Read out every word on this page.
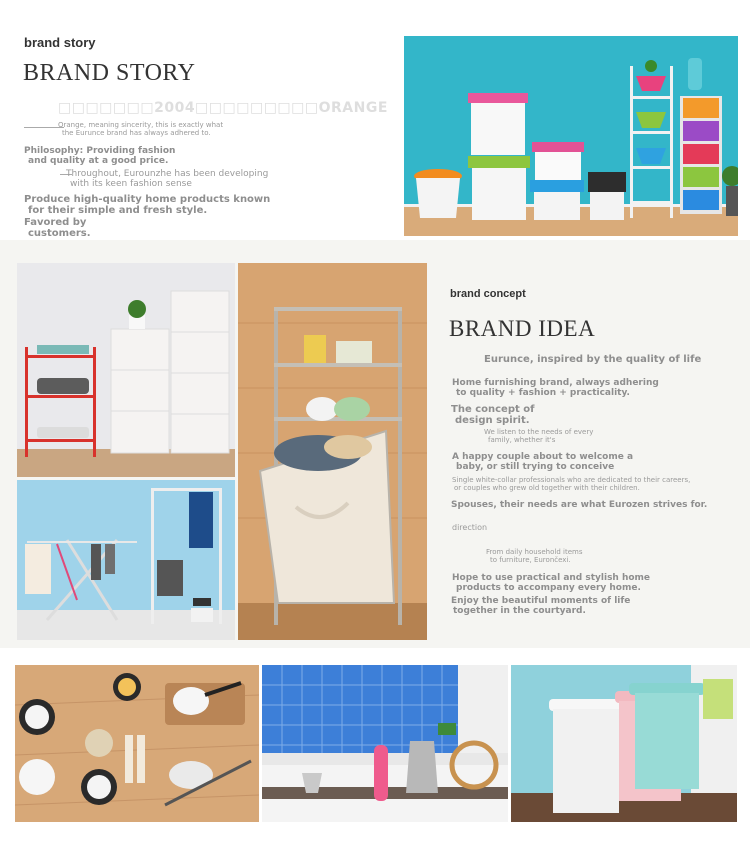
brand story
BRAND STORY
□□□□□□□2004□□□□□□□□□ORANGE
Orange, meaning sincerity, this is exactly what
the Eurunce brand has always adhered to.
Philosophy: Providing fashion
and quality at a good price.
Throughout, Eurounzhe has been developing
with its keen fashion sense
Produce high-quality home products known
for their simple and fresh style.
Favored by
customers.
brand concept
BRAND IDEA
Eurunce, inspired by the quality of life
Home furnishing brand, always adhering
to quality + fashion + practicality.
The concept of
design spirit.
We listen to the needs of every
family, whether it's
A happy couple about to welcome a
baby, or still trying to conceive
Single white-collar professionals who are dedicated to their careers,
or couples who grew old together with their children.
Spouses, their needs are what Eurozen strives for.
direction
From daily household items
to furniture, Eurončexi.
Hope to use practical and stylish home
products to accompany every home.
Enjoy the beautiful moments of life
together in the courtyard.
